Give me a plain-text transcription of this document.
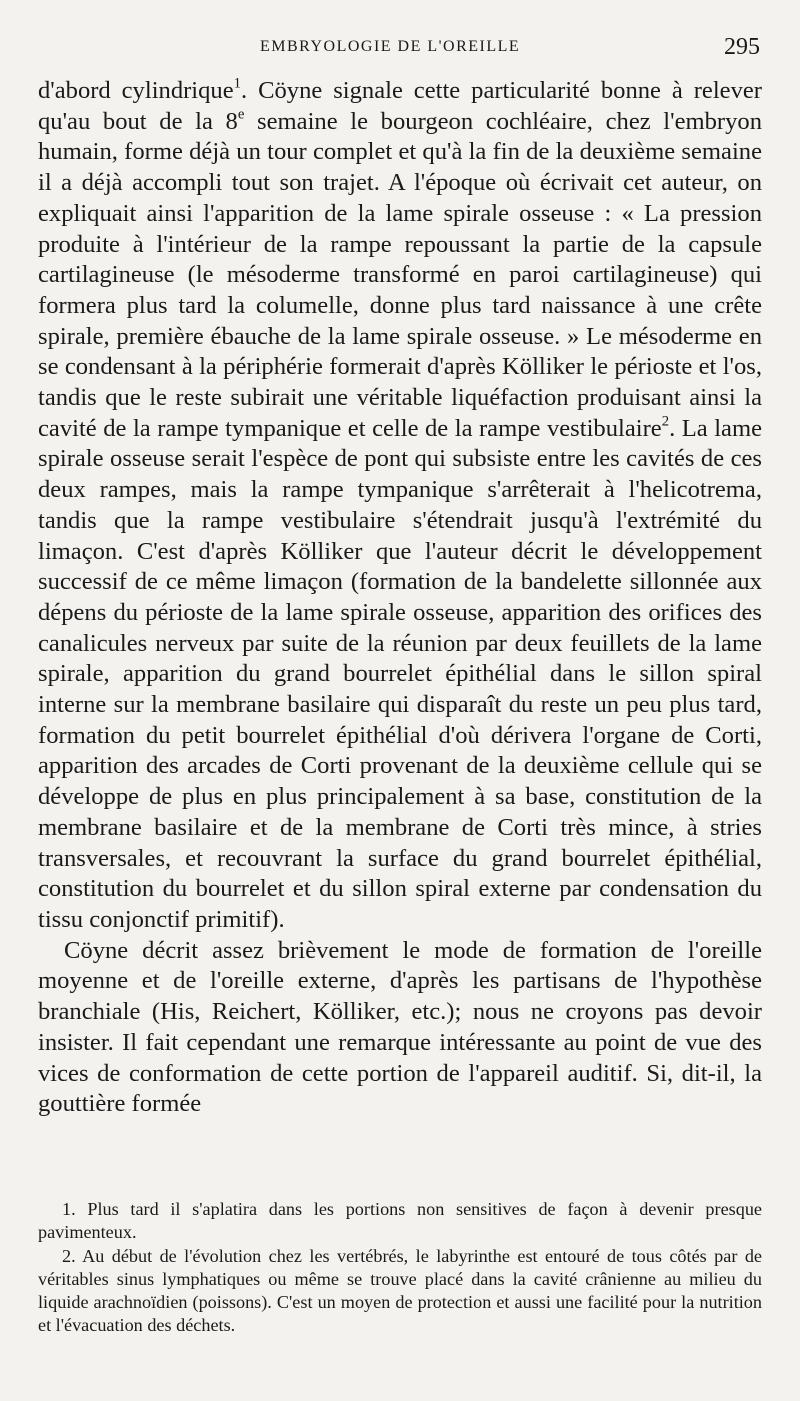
EMBRYOLOGIE DE L'OREILLE	295

d'abord cylindrique$^1$. Cöyne signale cette particularité bonne à relever qu'au bout de la 8e semaine le bourgeon cochléaire, chez l'embryon humain, forme déjà un tour complet et qu'à la fin de la deuxième semaine il a déjà accompli tout son trajet. A l'époque où écrivait cet auteur, on expliquait ainsi l'apparition de la lame spirale osseuse : « La pression produite à l'intérieur de la rampe repoussant la partie de la capsule cartilagineuse (le mésoderme transformé en paroi cartilagineuse) qui formera plus tard la columelle, donne plus tard naissance à une crête spirale, première ébauche de la lame spirale osseuse. » Le mésoderme en se condensant à la périphérie formerait d'après Kölliker le périoste et l'os, tandis que le reste subirait une véritable liquéfaction produisant ainsi la cavité de la rampe tympanique et celle de la rampe vestibulaire$^2$. La lame spirale osseuse serait l'espèce de pont qui subsiste entre les cavités de ces deux rampes, mais la rampe tympanique s'arrêterait à l'helicotrema, tandis que la rampe vestibulaire s'étendrait jusqu'à l'extrémité du limaçon. C'est d'après Kölliker que l'auteur décrit le développement successif de ce même limaçon (formation de la bandelette sillonnée aux dépens du périoste de la lame spirale osseuse, apparition des orifices des canalicules nerveux par suite de la réunion par deux feuillets de la lame spirale, apparition du grand bourrelet épithélial dans le sillon spiral interne sur la membrane basilaire qui disparaît du reste un peu plus tard, formation du petit bourrelet épithélial d'où dérivera l'organe de Corti, apparition des arcades de Corti provenant de la deuxième cellule qui se développe de plus en plus principalement à sa base, constitution de la membrane basilaire et de la membrane de Corti très mince, à stries transversales, et recouvrant la surface du grand bourrelet épithélial, constitution du bourrelet et du sillon spiral externe par condensation du tissu conjonctif primitif).

Cöyne décrit assez brièvement le mode de formation de l'oreille moyenne et de l'oreille externe, d'après les partisans de l'hypothèse branchiale (His, Reichert, Kölliker, etc.); nous ne croyons pas devoir insister. Il fait cependant une remarque intéressante au point de vue des vices de conformation de cette portion de l'appareil auditif. Si, dit-il, la gouttière formée

1. Plus tard il s'aplatira dans les portions non sensitives de façon à devenir presque pavimenteux.

2. Au début de l'évolution chez les vertébrés, le labyrinthe est entouré de tous côtés par de véritables sinus lymphatiques ou même se trouve placé dans la cavité crânienne au milieu du liquide arachnoïdien (poissons). C'est un moyen de protection et aussi une facilité pour la nutrition et l'évacuation des déchets.
